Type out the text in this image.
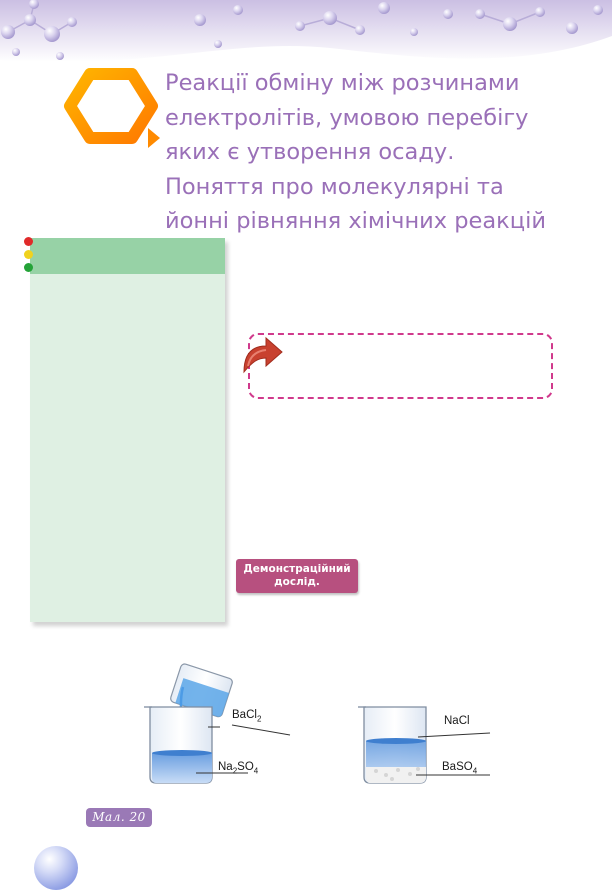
Реакції обміну між розчинами
електролітів, умовою перебігу
яких є утворення осаду.
Поняття про молекулярні та
йонні рівняння хімічних реакцій
Демонстраційний
дослід.
BaCl$_2$
$Na_2SO_4$
NaCl
BaSO$_4$
Мал. 20
